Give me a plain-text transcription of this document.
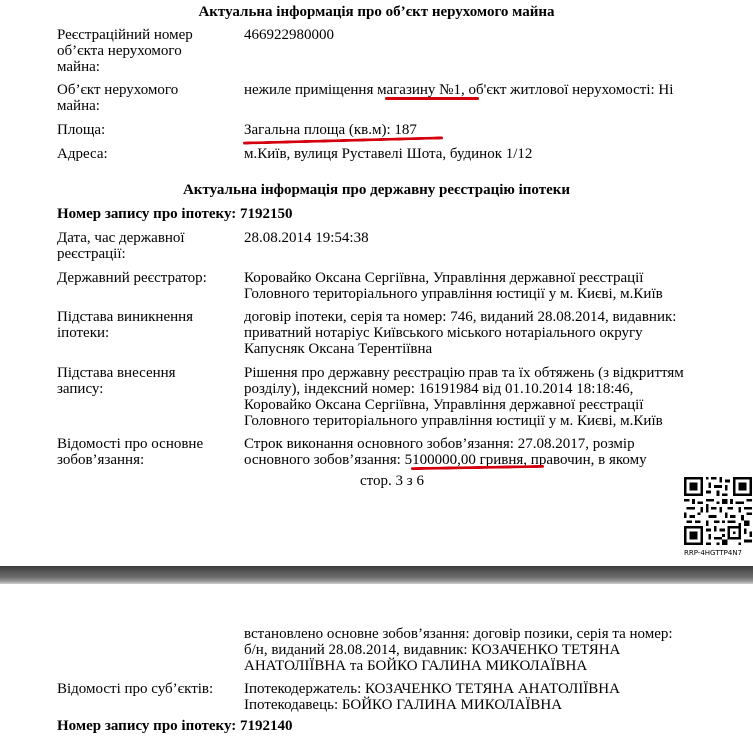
Актуальна інформація про об’єкт нерухомого майна
Реєстраційний номер
об’єкта нерухомого
майна:
466922980000
Об’єкт нерухомого
майна:
нежиле приміщення магазину №1, об'єкт житлової нерухомості: Ні
Площа:	Загальна площа (кв.м): 187
Адреса:	м.Київ, вулиця Руставелі Шота, будинок 1/12
Актуальна інформація про державну реєстрацію іпотеки
Номер запису про іпотеку: 7192150
Дата, час державної
реєстрації:
28.08.2014 19:54:38
Державний реєстратор: Коровайко Оксана Сергіївна, Управління державної реєстрації
Головного територіального управління юстиції у м. Києві, м.Київ
Підстава виникнення
іпотеки:
договір іпотеки, серія та номер: 746, виданий 28.08.2014, видавник:
приватний нотаріус Київського міського нотаріального округу
Капусняк Оксана Терентіївна
Підстава внесення
запису:
Рішення про державну реєстрацію прав та їх обтяжень (з відкриттям
розділу), індексний номер: 16191984 від 01.10.2014 18:18:46,
Коровайко Оксана Сергіївна, Управління державної реєстрації
Головного територіального управління юстиції у м. Києві, м.Київ
Відомості про основне
зобов’язання:
Строк виконання основного зобов’язання: 27.08.2017, розмір
основного зобов’язання: 5100000,00 гривня, правочин, в якому
стор. 3 з 6
RRP-4HGTTP4N7
встановлено основне зобов’язання: договір позики, серія та номер:
б/н, виданий 28.08.2014, видавник: КОЗАЧЕНКО ТЕТЯНА
АНАТОЛІЇВНА та БОЙКО ГАЛИНА МИКОЛАЇВНА
Відомості про суб’єктів: Іпотекодержатель: КОЗАЧЕНКО ТЕТЯНА АНАТОЛІЇВНА
Іпотекодавець: БОЙКО ГАЛИНА МИКОЛАЇВНА
Номер запису про іпотеку: 7192140
